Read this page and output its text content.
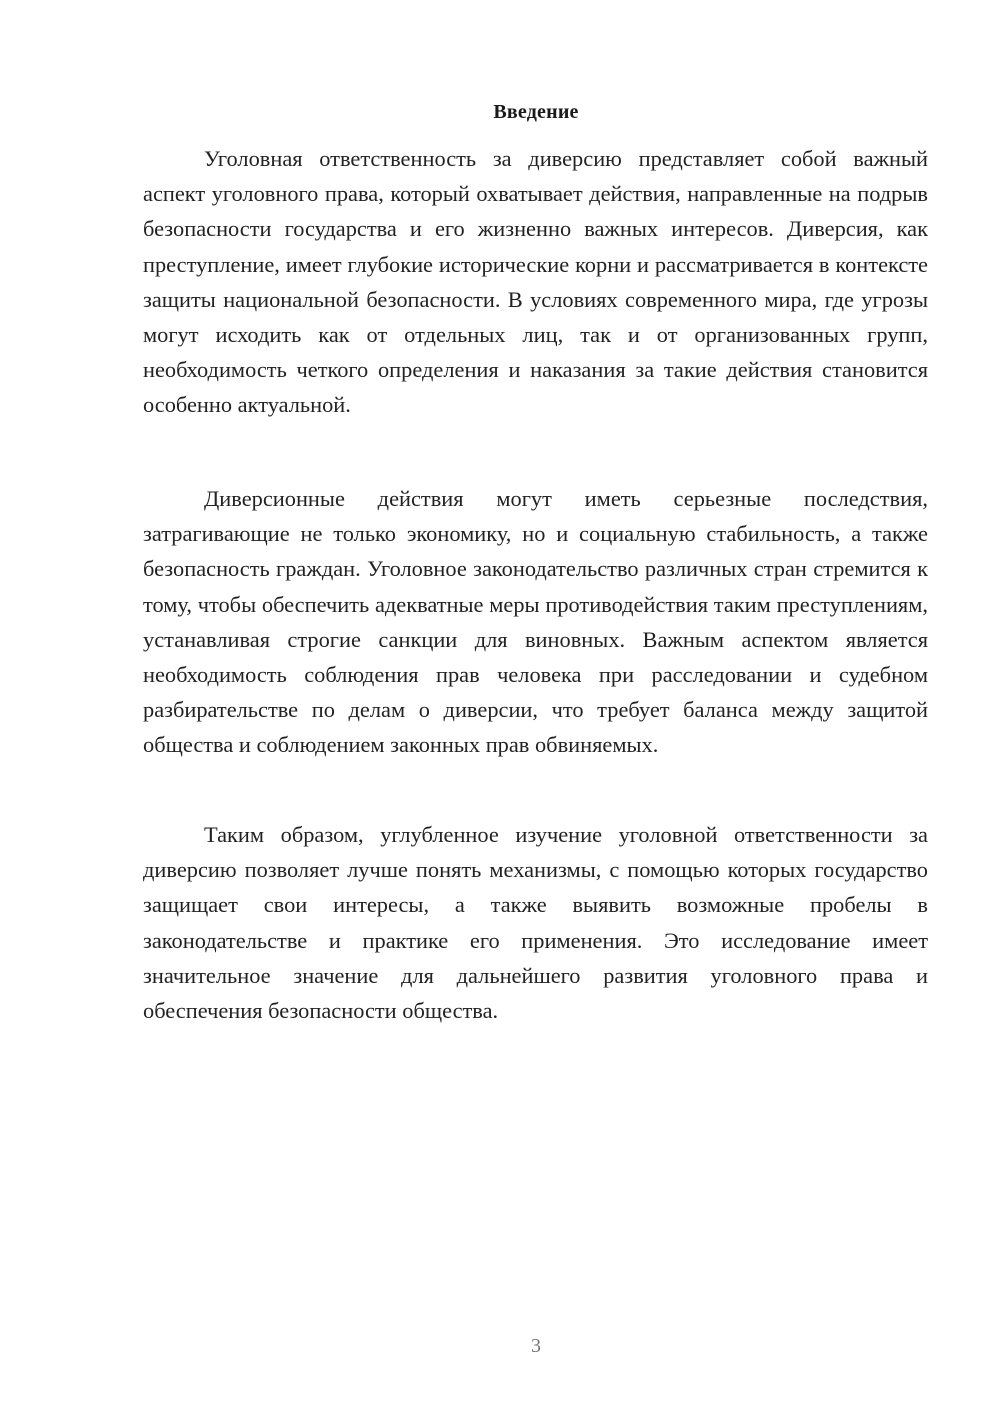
Введение

Уголовная ответственность за диверсию представляет собой важный аспект уголовного права, который охватывает действия, направленные на подрыв безопасности государства и его жизненно важных интересов. Диверсия, как преступление, имеет глубокие исторические корни и рассматривается в контексте защиты национальной безопасности. В условиях современного мира, где угрозы могут исходить как от отдельных лиц, так и от организованных групп, необходимость четкого определения и наказания за такие действия становится особенно актуальной.

Диверсионные действия могут иметь серьезные последствия, затрагивающие не только экономику, но и социальную стабильность, а также безопасность граждан. Уголовное законодательство различных стран стремится к тому, чтобы обеспечить адекватные меры противодействия таким преступлениям, устанавливая строгие санкции для виновных. Важным аспектом является необходимость соблюдения прав человека при расследовании и судебном разбирательстве по делам о диверсии, что требует баланса между защитой общества и соблюдением законных прав обвиняемых.

Таким образом, углубленное изучение уголовной ответственности за диверсию позволяет лучше понять механизмы, с помощью которых государство защищает свои интересы, а также выявить возможные пробелы в законодательстве и практике его применения. Это исследование имеет значительное значение для дальнейшего развития уголовного права и обеспечения безопасности общества.

3
